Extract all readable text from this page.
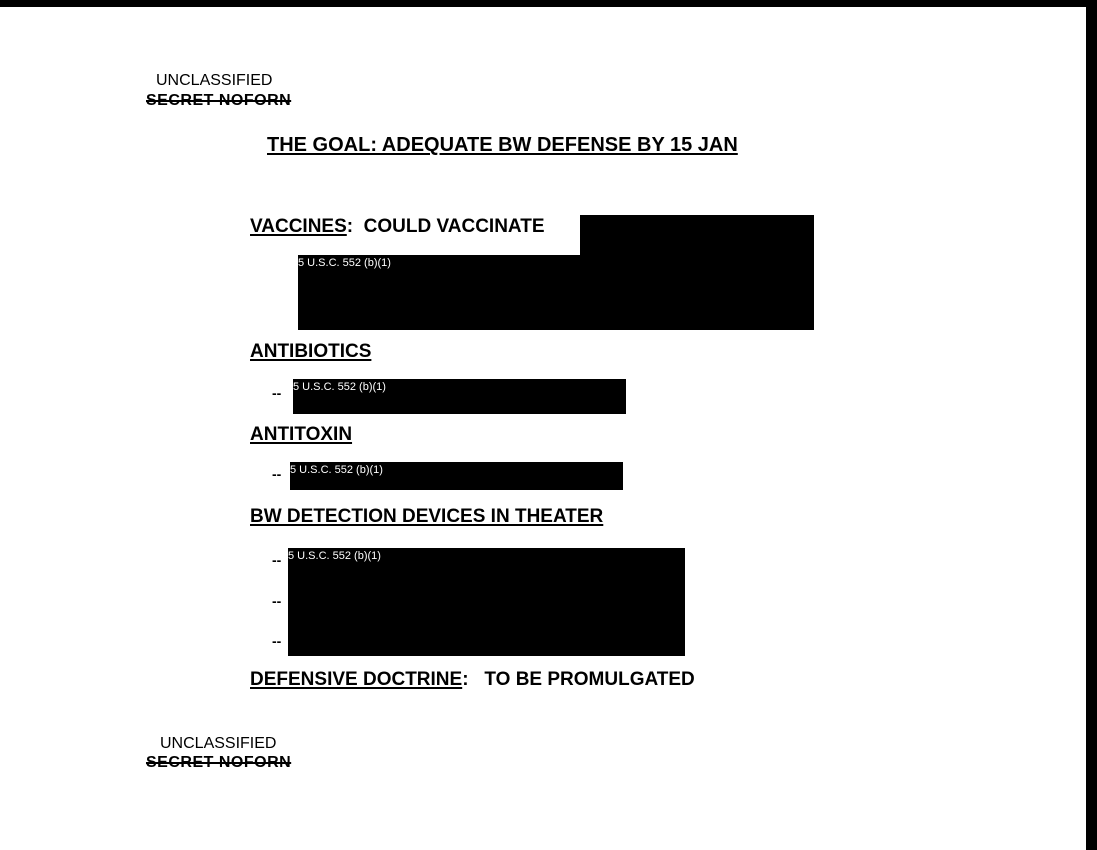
UNCLASSIFIED
SECRET NOFORN
THE GOAL: ADEQUATE BW DEFENSE BY 15 JAN
VACCINES:  COULD VACCINATE
5 U.S.C. 552 (b)(1)
ANTIBIOTICS
-- 5 U.S.C. 552 (b)(1)
ANTITOXIN
-- 5 U.S.C. 552 (b)(1)
BW DETECTION DEVICES IN THEATER
--
--
--
5 U.S.C. 552 (b)(1)
DEFENSIVE DOCTRINE:   TO BE PROMULGATED
UNCLASSIFIED
SECRET NOFORN
